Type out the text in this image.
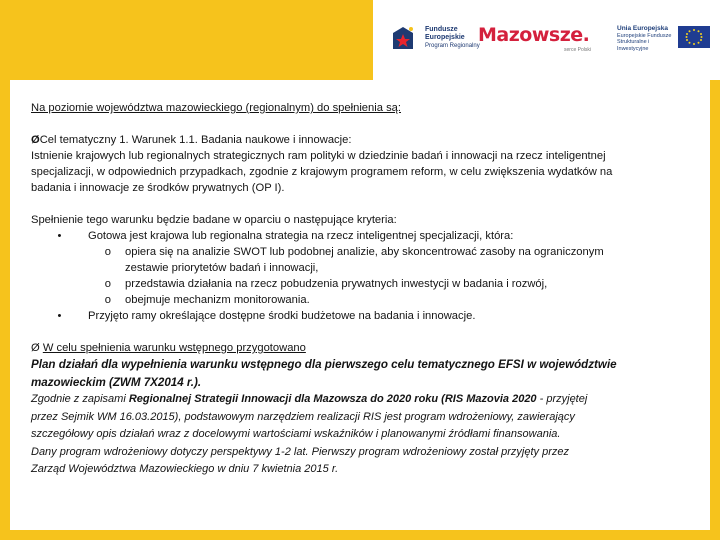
Fundusze
Europejskie
Program Regionalny
Mazowsze.
serce Polski
Unia Europejska
Europejskie Fundusze
Strukturalne i Inwestycyjne

Na poziomie województwa mazowieckiego (regionalnym) do spełnienia są:

ØCel tematyczny 1. Warunek 1.1. Badania naukowe i innowacje:

Istnienie krajowych lub regionalnych strategicznych ram polityki w dziedzinie badań i innowacji na rzecz inteligentnej

specjalizacji, w odpowiednich przypadkach, zgodnie z krajowym programem reform, w celu zwiększenia wydatków na

badania i innowacje ze środków prywatnych (OP I).

Spełnienie tego warunku będzie badane w oparciu o następujące kryteria:

•	Gotowa jest krajowa lub regionalna strategia na rzecz inteligentnej specjalizacji, która:
o	opiera się na analizie SWOT lub podobnej analizie, aby skoncentrować zasoby na ograniczonym
zestawie priorytetów badań i innowacji,
o	przedstawia działania na rzecz pobudzenia prywatnych inwestycji w badania i rozwój,
o	obejmuje mechanizm monitorowania.
•	Przyjęto ramy określające dostępne środki budżetowe na badania i innowacje.

Ø W celu spełnienia warunku wstępnego przygotowano

Plan działań dla wypełnienia warunku wstępnego dla pierwszego celu tematycznego EFSI w województwie

mazowieckim (ZWM 7X2014 r.).

Zgodnie z zapisami Regionalnej Strategii Innowacji dla Mazowsza do 2020 roku (RIS Mazovia 2020 - przyjętej

przez Sejmik WM 16.03.2015), podstawowym narzędziem realizacji RIS jest program wdrożeniowy, zawierający

szczegółowy opis działań wraz z docelowymi wartościami wskaźników i planowanymi źródłami finansowania.

Dany program wdrożeniowy dotyczy perspektywy 1-2 lat. Pierwszy program wdrożeniowy został przyjęty przez

Zarząd Województwa Mazowieckiego w dniu 7 kwietnia 2015 r.
